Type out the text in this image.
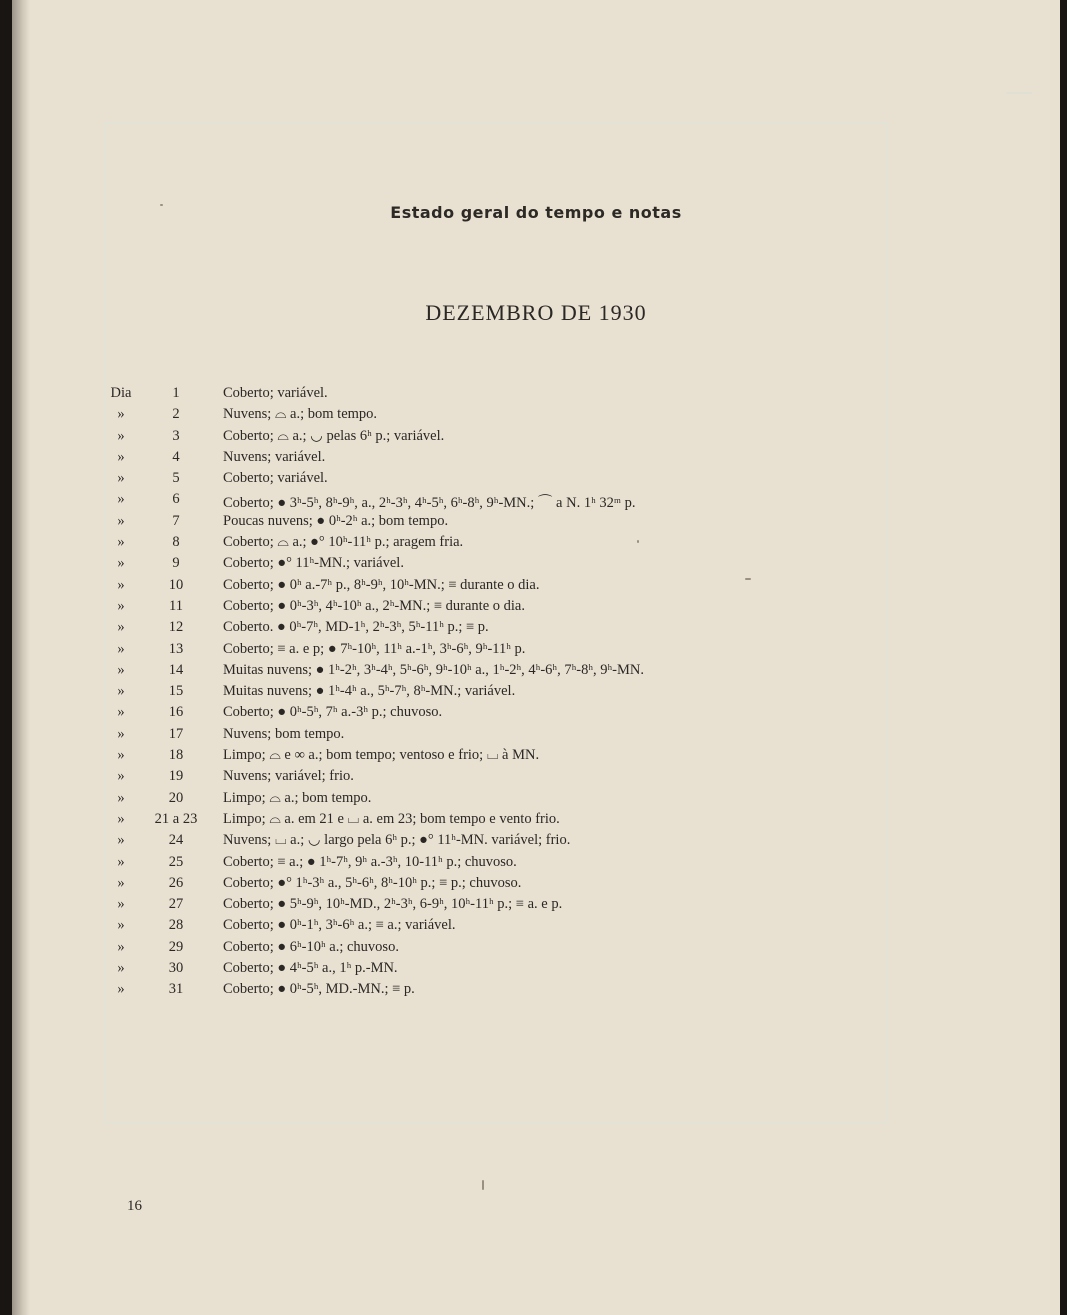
Estado geral do tempo e notas
DEZEMBRO DE 1930
Dia	1	Coberto; variável.
»	2	Nuvens; ⌓ a.; bom tempo.
»	3	Coberto; ⌓ a.; ◡ pelas 6ʰ p.; variável.
»	4	Nuvens; variável.
»	5	Coberto; variável.
»	6	Coberto; ● 3ʰ-5ʰ, 8ʰ-9ʰ, a., 2ʰ-3ʰ, 4ʰ-5ʰ, 6ʰ-8ʰ, 9ʰ-MN.; ⌒ a N. 1ʰ 32ᵐ p.
»	7	Poucas nuvens; ● 0ʰ-2ʰ a.; bom tempo.
»	8	Coberto; ⌓ a.; ●° 10ʰ-11ʰ p.; aragem fria.
»	9	Coberto; ●° 11ʰ-MN.; variável.
»	10	Coberto; ● 0ʰ a.-7ʰ p., 8ʰ-9ʰ, 10ʰ-MN.; ≡ durante o dia.
»	11	Coberto; ● 0ʰ-3ʰ, 4ʰ-10ʰ a., 2ʰ-MN.; ≡ durante o dia.
»	12	Coberto. ● 0ʰ-7ʰ, MD-1ʰ, 2ʰ-3ʰ, 5ʰ-11ʰ p.; ≡ p.
»	13	Coberto; ≡ a. e p; ● 7ʰ-10ʰ, 11ʰ a.-1ʰ, 3ʰ-6ʰ, 9ʰ-11ʰ p.
»	14	Muitas nuvens; ● 1ʰ-2ʰ, 3ʰ-4ʰ, 5ʰ-6ʰ, 9ʰ-10ʰ a., 1ʰ-2ʰ, 4ʰ-6ʰ, 7ʰ-8ʰ, 9ʰ-MN.
»	15	Muitas nuvens; ● 1ʰ-4ʰ a., 5ʰ-7ʰ, 8ʰ-MN.; variável.
»	16	Coberto; ● 0ʰ-5ʰ, 7ʰ a.-3ʰ p.; chuvoso.
»	17	Nuvens; bom tempo.
»	18	Limpo; ⌓ e ∞ a.; bom tempo; ventoso e frio; ⌴ à MN.
»	19	Nuvens; variável; frio.
»	20	Limpo; ⌓ a.; bom tempo.
»	21 a 23	Limpo; ⌓ a. em 21 e ⌴ a. em 23; bom tempo e vento frio.
»	24	Nuvens; ⌴ a.; ◡ largo pela 6ʰ p.; ●° 11ʰ-MN. variável; frio.
»	25	Coberto; ≡ a.; ● 1ʰ-7ʰ, 9ʰ a.-3ʰ, 10-11ʰ p.; chuvoso.
»	26	Coberto; ●° 1ʰ-3ʰ a., 5ʰ-6ʰ, 8ʰ-10ʰ p.; ≡ p.; chuvoso.
»	27	Coberto; ● 5ʰ-9ʰ, 10ʰ-MD., 2ʰ-3ʰ, 6-9ʰ, 10ʰ-11ʰ p.; ≡ a. e p.
»	28	Coberto; ● 0ʰ-1ʰ, 3ʰ-6ʰ a.; ≡ a.; variável.
»	29	Coberto; ● 6ʰ-10ʰ a.; chuvoso.
»	30	Coberto; ● 4ʰ-5ʰ a., 1ʰ p.-MN.
»	31	Coberto; ● 0ʰ-5ʰ, MD.-MN.; ≡ p.
16
